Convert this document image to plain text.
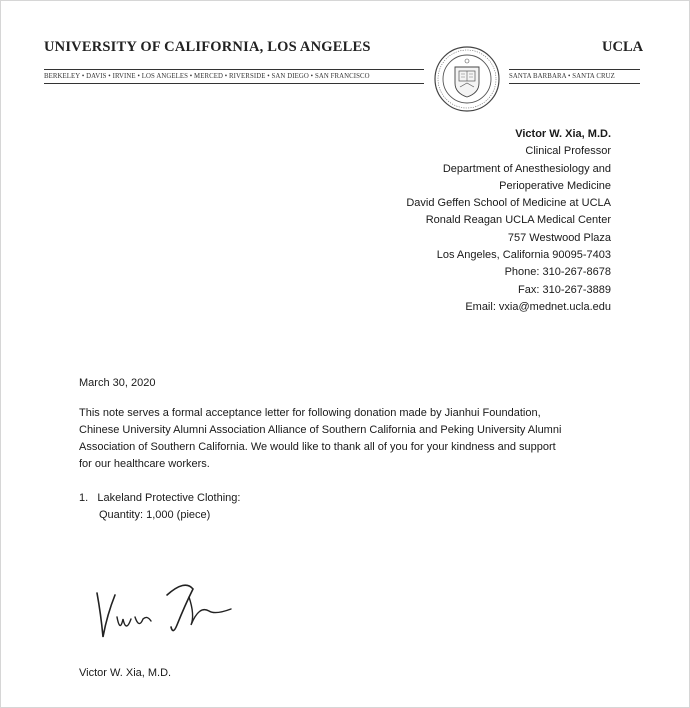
UNIVERSITY OF CALIFORNIA, LOS ANGELES	UCLA
BERKELEY • DAVIS • IRVINE • LOS ANGELES • MERCED • RIVERSIDE • SAN DIEGO • SAN FRANCISCO	SANTA BARBARA • SANTA CRUZ
Victor W. Xia, M.D.
Clinical Professor
Department of Anesthesiology and
Perioperative Medicine
David Geffen School of Medicine at UCLA
Ronald Reagan UCLA Medical Center
757 Westwood Plaza
Los Angeles, California 90095-7403
Phone: 310-267-8678
Fax: 310-267-3889
Email: vxia@mednet.ucla.edu
March 30, 2020
This note serves a formal acceptance letter for following donation made by Jianhui Foundation,
Chinese University Alumni Association Alliance of Southern California and Peking University Alumni
Association of Southern California. We would like to thank all of you for your kindness and support
for our healthcare workers.
1.   Lakeland Protective Clothing:
Quantity: 1,000 (piece)
Victor W. Xia, M.D.
